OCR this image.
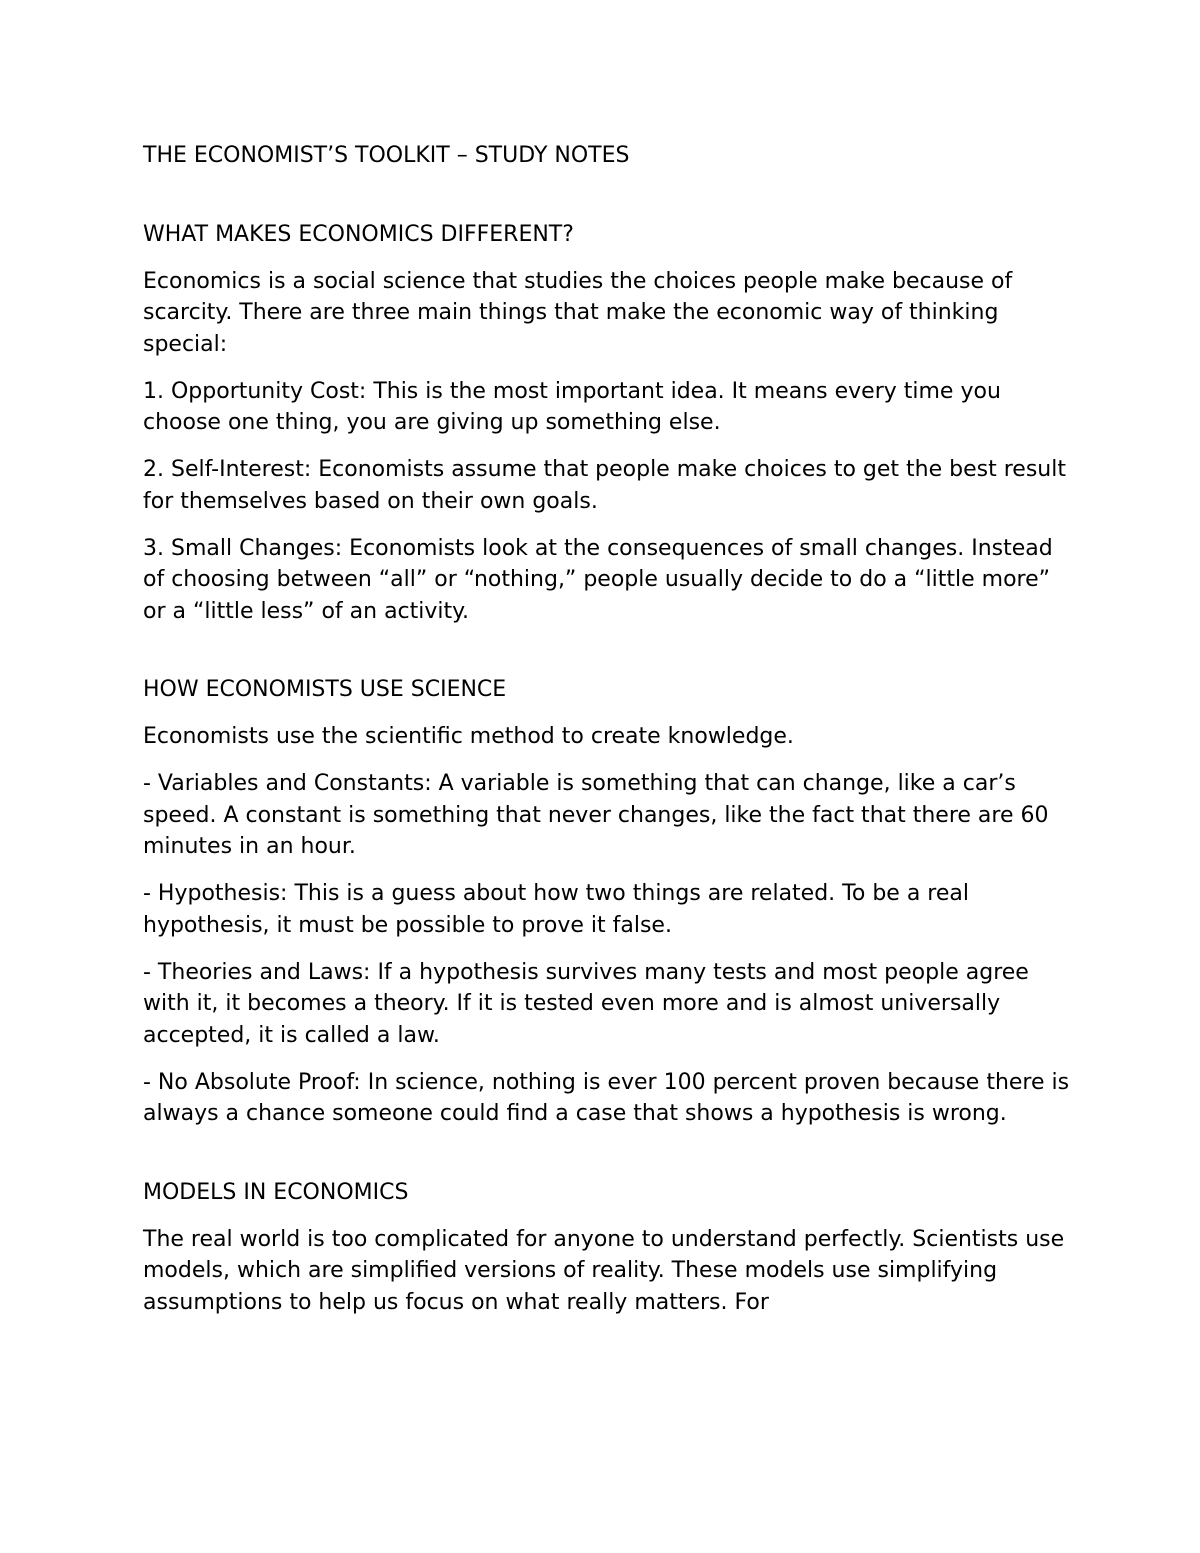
THE ECONOMIST’S TOOLKIT – STUDY NOTES

WHAT MAKES ECONOMICS DIFFERENT?

Economics is a social science that studies the choices people make because of scarcity. There are three main things that make the economic way of thinking special:

1. Opportunity Cost: This is the most important idea. It means every time you choose one thing, you are giving up something else.

2. Self-Interest: Economists assume that people make choices to get the best result for themselves based on their own goals.

3. Small Changes: Economists look at the consequences of small changes. Instead of choosing between “all” or “nothing,” people usually decide to do a “little more” or a “little less” of an activity.

HOW ECONOMISTS USE SCIENCE

Economists use the scientific method to create knowledge.

- Variables and Constants: A variable is something that can change, like a car’s speed. A constant is something that never changes, like the fact that there are 60 minutes in an hour.

- Hypothesis: This is a guess about how two things are related. To be a real hypothesis, it must be possible to prove it false.

- Theories and Laws: If a hypothesis survives many tests and most people agree with it, it becomes a theory. If it is tested even more and is almost universally accepted, it is called a law.

- No Absolute Proof: In science, nothing is ever 100 percent proven because there is always a chance someone could find a case that shows a hypothesis is wrong.

MODELS IN ECONOMICS

The real world is too complicated for anyone to understand perfectly. Scientists use models, which are simplified versions of reality. These models use simplifying assumptions to help us focus on what really matters. For
